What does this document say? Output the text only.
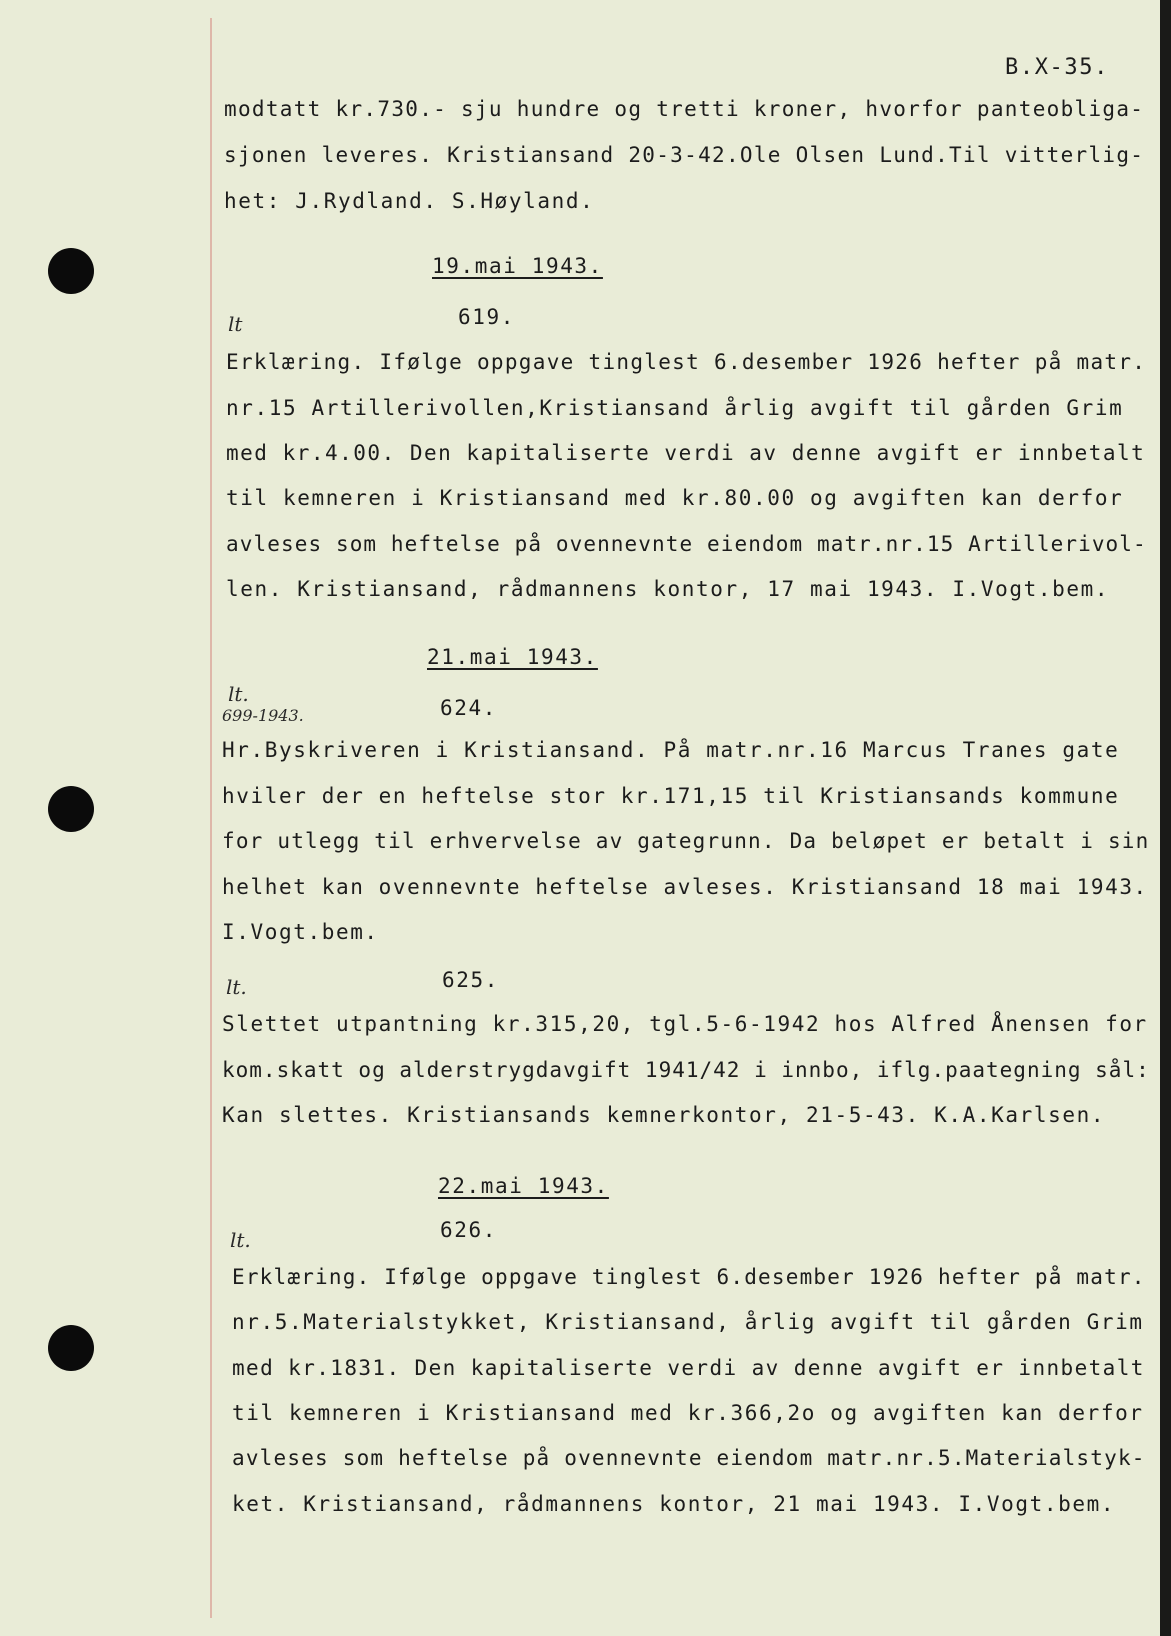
B.X-35.
modtatt kr.730.- sju hundre og tretti kroner, hvorfor panteobliga-
sjonen leveres. Kristiansand 20-3-42.Ole Olsen Lund.Til vitterlig-
het: J.Rydland. S.Høyland.
19.mai 1943.
619.
lt
Erklæring. Ifølge oppgave tinglest 6.desember 1926 hefter på matr.
nr.15 Artillerivollen,Kristiansand årlig avgift til gården Grim
med kr.4.00. Den kapitaliserte verdi av denne avgift er innbetalt
til kemneren i Kristiansand med kr.80.00 og avgiften kan derfor
avleses som heftelse på ovennevnte eiendom matr.nr.15 Artillerivol-
len. Kristiansand, rådmannens kontor, 17 mai 1943. I.Vogt.bem.
21.mai 1943.
624.
lt.
699-1943.
Hr.Byskriveren i Kristiansand. På matr.nr.16 Marcus Tranes gate
hviler der en heftelse stor kr.171,15 til Kristiansands kommune
for utlegg til erhvervelse av gategrunn. Da beløpet er betalt i sin
helhet kan ovennevnte heftelse avleses. Kristiansand 18 mai 1943.
I.Vogt.bem.
625.
lt.
Slettet utpantning kr.315,20, tgl.5-6-1942 hos Alfred Ånensen for
kom.skatt og alderstrygdavgift 1941/42 i innbo, iflg.paategning sål:
Kan slettes. Kristiansands kemnerkontor, 21-5-43. K.A.Karlsen.
22.mai 1943.
626.
lt.
Erklæring. Ifølge oppgave tinglest 6.desember 1926 hefter på matr.
nr.5.Materialstykket, Kristiansand, årlig avgift til gården Grim
med kr.1831. Den kapitaliserte verdi av denne avgift er innbetalt
til kemneren i Kristiansand med kr.366,2o og avgiften kan derfor
avleses som heftelse på ovennevnte eiendom matr.nr.5.Materialstyk-
ket. Kristiansand, rådmannens kontor, 21 mai 1943. I.Vogt.bem.
